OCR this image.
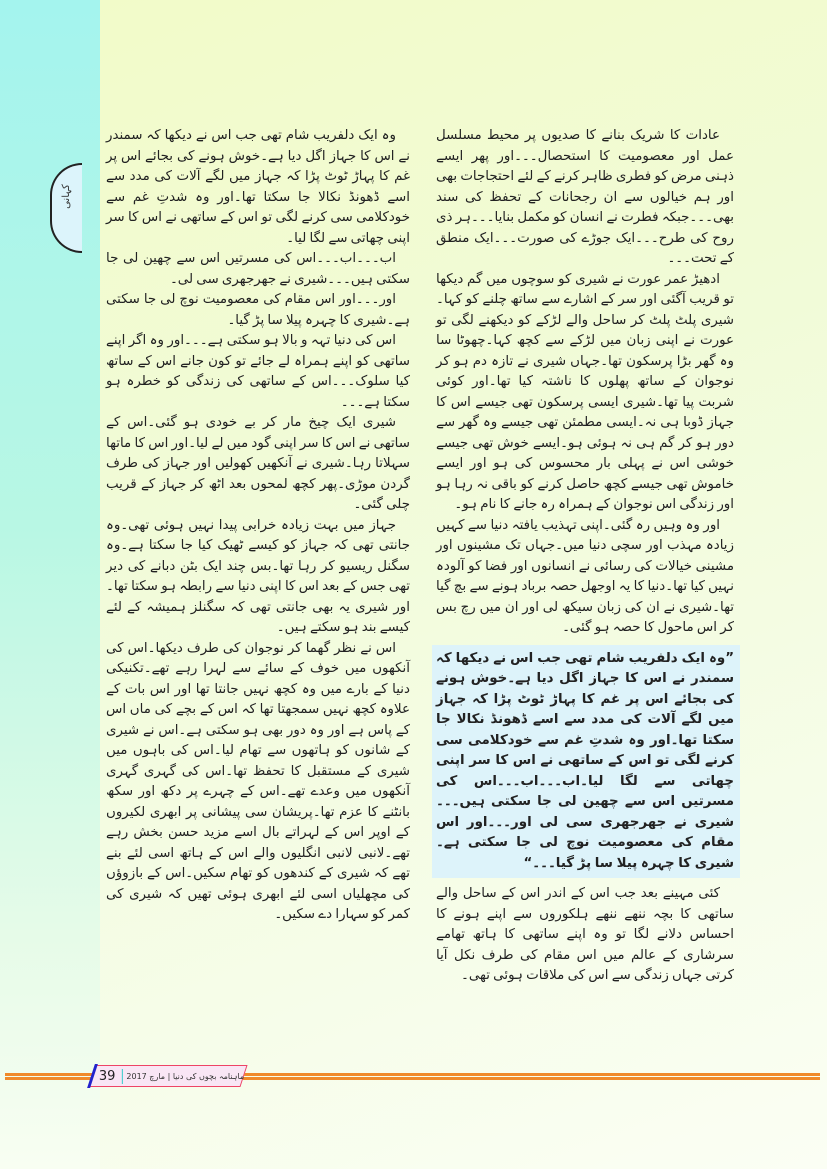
کہانی

عادات کا شریک بنانے کا صدیوں پر محیط مسلسل عمل اور معصومیت کا استحصال۔۔۔اور پھر ایسے ذہنی مرض کو فطری ظاہر کرنے کے لئے احتجاجات بھی اور ہم خیالوں سے ان رجحانات کے تحفظ کی سند بھی۔۔۔جبکہ فطرت نے انسان کو مکمل بنایا۔۔۔ہر ذی روح کی طرح۔۔۔ایک جوڑے کی صورت۔۔۔ایک منطق کے تحت۔۔۔

ادھیڑ عمر عورت نے شیری کو سوچوں میں گم دیکھا تو قریب آگئی اور سر کے اشارے سے ساتھ چلنے کو کہا۔شیری پلٹ پلٹ کر ساحل والے لڑکے کو دیکھنے لگی تو عورت نے اپنی زبان میں لڑکے سے کچھ کہا۔چھوٹا سا وہ گھر بڑا پرسکون تھا۔جہاں شیری نے تازہ دم ہو کر نوجوان کے ساتھ پھلوں کا ناشتہ کیا تھا۔اور کوئی شربت پیا تھا۔شیری ایسی پرسکون تھی جیسے اس کا جہاز ڈوبا ہی نہ۔ایسی مطمئن تھی جیسے وہ گھر سے دور ہو کر گم ہی نہ ہوئی ہو۔ایسے خوش تھی جیسے خوشی اس نے پہلی بار محسوس کی ہو اور ایسے خاموش تھی جیسے کچھ حاصل کرنے کو باقی نہ رہا ہو اور زندگی اس نوجوان کے ہمراہ رہ جانے کا نام ہو۔

اور وہ وہیں رہ گئی۔اپنی تہذیب یافتہ دنیا سے کہیں زیادہ مہذب اور سچی دنیا میں۔جہاں تک مشینوں اور مشینی خیالات کی رسائی نے انسانوں اور فضا کو آلودہ نہیں کیا تھا۔دنیا کا یہ اوجھل حصہ برباد ہونے سے بچ گیا تھا۔شیری نے ان کی زبان سیکھ لی اور ان میں رچ بس کر اس ماحول کا حصہ ہو گئی۔

”وہ ایک دلفریب شام تھی جب اس نے دیکھا کہ سمندر نے اس کا جہاز اگل دیا ہے۔خوش ہونے کی بجائے اس پر غم کا پہاڑ ٹوٹ پڑا کہ جہاز میں لگے آلات کی مدد سے اسے ڈھونڈ نکالا جا سکتا تھا۔اور وہ شدتِ غم سے خودکلامی سی کرنے لگی تو اس کے ساتھی نے اس کا سر اپنی چھاتی سے لگا لیا۔اب۔۔۔اب۔۔۔اس کی مسرتیں اس سے چھین لی جا سکتی ہیں۔۔۔شیری نے جھرجھری سی لی اور۔۔۔اور اس مقام کی معصومیت نوچ لی جا سکتی ہے۔شیری کا چہرہ پیلا سا پڑ گیا۔۔۔“

کئی مہینے بعد جب اس کے اندر اس کے ساحل والے ساتھی کا بچہ ننھے ننھے ہلکوروں سے اپنے ہونے کا احساس دلانے لگا تو وہ اپنے ساتھی کا ہاتھ تھامے سرشاری کے عالم میں اس مقام کی طرف نکل آیا کرتی جہاں زندگی سے اس کی ملاقات ہوئی تھی۔

وہ ایک دلفریب شام تھی جب اس نے دیکھا کہ سمندر نے اس کا جہاز اگل دیا ہے۔خوش ہونے کی بجائے اس پر غم کا پہاڑ ٹوٹ پڑا کہ جہاز میں لگے آلات کی مدد سے اسے ڈھونڈ نکالا جا سکتا تھا۔اور وہ شدتِ غم سے خودکلامی سی کرنے لگی تو اس کے ساتھی نے اس کا سر اپنی چھاتی سے لگا لیا۔

اب۔۔۔اب۔۔۔اس کی مسرتیں اس سے چھین لی جا سکتی ہیں۔۔۔شیری نے جھرجھری سی لی۔

اور۔۔۔اور اس مقام کی معصومیت نوچ لی جا سکتی ہے۔شیری کا چہرہ پیلا سا پڑ گیا۔

اس کی دنیا تہہ و بالا ہو سکتی ہے۔۔۔اور وہ اگر اپنے ساتھی کو اپنے ہمراہ لے جائے تو کون جانے اس کے ساتھ کیا سلوک۔۔۔اس کے ساتھی کی زندگی کو خطرہ ہو سکتا ہے۔۔۔

شیری ایک چیخ مار کر بے خودی ہو گئی۔اس کے ساتھی نے اس کا سر اپنی گود میں لے لیا۔اور اس کا ماتھا سہلاتا رہا۔شیری نے آنکھیں کھولیں اور جہاز کی طرف گردن موڑی۔پھر کچھ لمحوں بعد اٹھ کر جہاز کے قریب چلی گئی۔

جہاز میں بہت زیادہ خرابی پیدا نہیں ہوئی تھی۔وہ جانتی تھی کہ جہاز کو کیسے ٹھیک کیا جا سکتا ہے۔وہ سگنل ریسیو کر رہا تھا۔بس چند ایک بٹن دبانے کی دیر تھی جس کے بعد اس کا اپنی دنیا سے رابطہ ہو سکتا تھا۔اور شیری یہ بھی جانتی تھی کہ سگنلز ہمیشہ کے لئے کیسے بند ہو سکتے ہیں۔

اس نے نظر گھما کر نوجوان کی طرف دیکھا۔اس کی آنکھوں میں خوف کے سائے سے لہرا رہے تھے۔تکنیکی دنیا کے بارے میں وہ کچھ نہیں جانتا تھا اور اس بات کے علاوہ کچھ نہیں سمجھتا تھا کہ اس کے بچے کی ماں اس کے پاس ہے اور وہ دور بھی ہو سکتی ہے۔اس نے شیری کے شانوں کو ہاتھوں سے تھام لیا۔اس کی باہوں میں شیری کے مستقبل کا تحفظ تھا۔اس کی گہری گہری آنکھوں میں وعدے تھے۔اس کے چہرے پر دکھ اور سکھ بانٹنے کا عزم تھا۔پریشان سی پیشانی پر ابھری لکیروں کے اوپر اس کے لہراتے بال اسے مزید حسن بخش رہے تھے۔لانبی لانبی انگلیوں والے اس کے ہاتھ اسی لئے بنے تھے کہ شیری کے کندھوں کو تھام سکیں۔اس کے بازوؤں کی مچھلیاں اسی لئے ابھری ہوئی تھیں کہ شیری کی کمر کو سہارا دے سکیں۔

39	ماہنامہ بچوں کی دنیا | مارچ 2017
